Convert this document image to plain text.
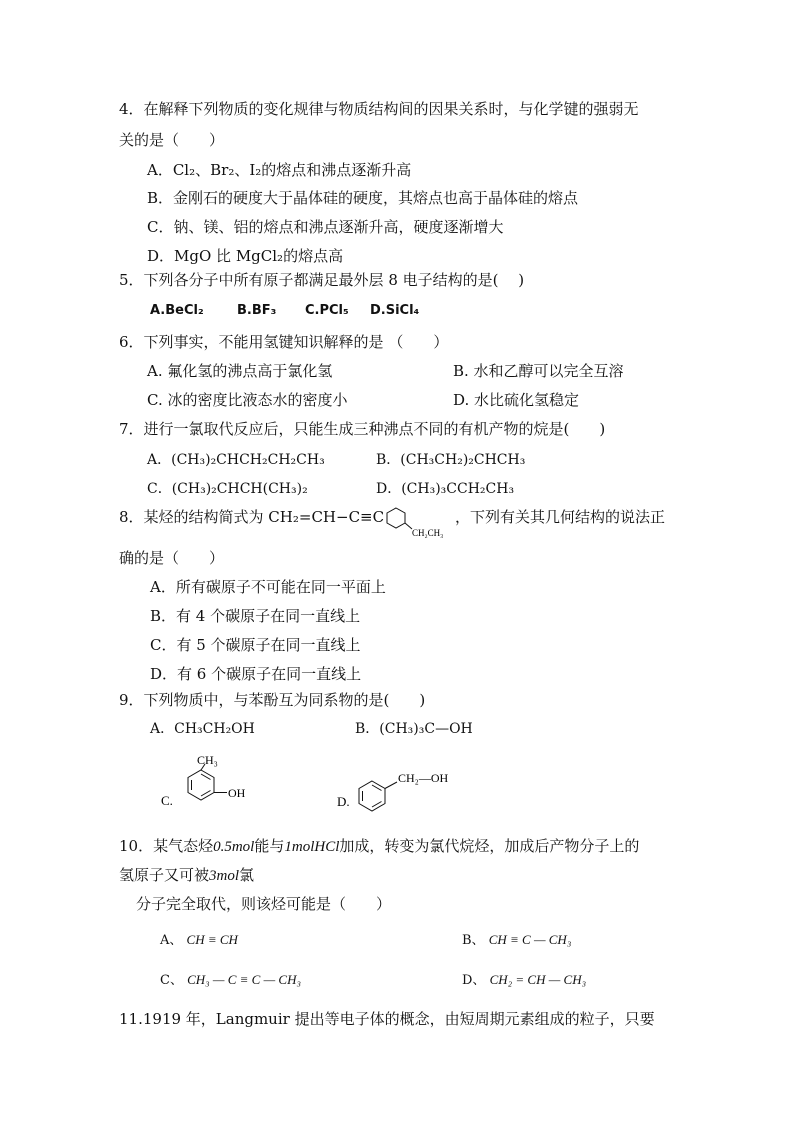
4．在解释下列物质的变化规律与物质结构间的因果关系时，与化学键的强弱无
关的是（　　）
A．Cl₂、Br₂、I₂的熔点和沸点逐渐升高
B．金刚石的硬度大于晶体硅的硬度，其熔点也高于晶体硅的熔点
C．钠、镁、铝的熔点和沸点逐渐升高，硬度逐渐增大
D．MgO 比 MgCl₂的熔点高
5．下列各分子中所有原子都满足最外层 8 电子结构的是(　 )
A.BeCl₂	B.BF₃ C.PCl₅ D.SiCl₄
6．下列事实，不能用氢键知识解释的是 （　　）
A. 氟化氢的沸点高于氯化氢	B. 水和乙醇可以完全互溶
C. 冰的密度比液态水的密度小	D. 水比硫化氢稳定
7．进行一氯取代反应后，只能生成三种沸点不同的有机产物的烷是(　　)
A．(CH₃)₂CHCH₂CH₂CH₃	B．(CH₃CH₂)₂CHCH₃
C．(CH₃)₂CHCH(CH₃)₂	D．(CH₃)₃CCH₂CH₃
8．某烃的结构简式为 CH₂=CH−C≡C
CH₂CH₃
，下列有关其几何结构的说法正
确的是（　　）
A．所有碳原子不可能在同一平面上
B．有 4 个碳原子在同一直线上
C．有 5 个碳原子在同一直线上
D．有 6 个碳原子在同一直线上
9．下列物质中，与苯酚互为同系物的是(　　)
A．CH₃CH₂OH	B．(CH₃)₃C—OH
C.
CH₃
OH
D.
CH₂—OH
10．某气态烃0.5mol能与1molHCl加成，转变为氯代烷烃，加成后产物分子上的
氢原子又可被3mol氯
分子完全取代，则该烃可能是（　　）
A、 CH ≡ CH	B、 CH ≡ C — CH₃
C、 CH₃ — C ≡ C — CH₃	D、 CH₂ = CH — CH₃
11.1919 年，Langmuir 提出等电子体的概念，由短周期元素组成的粒子，只要
